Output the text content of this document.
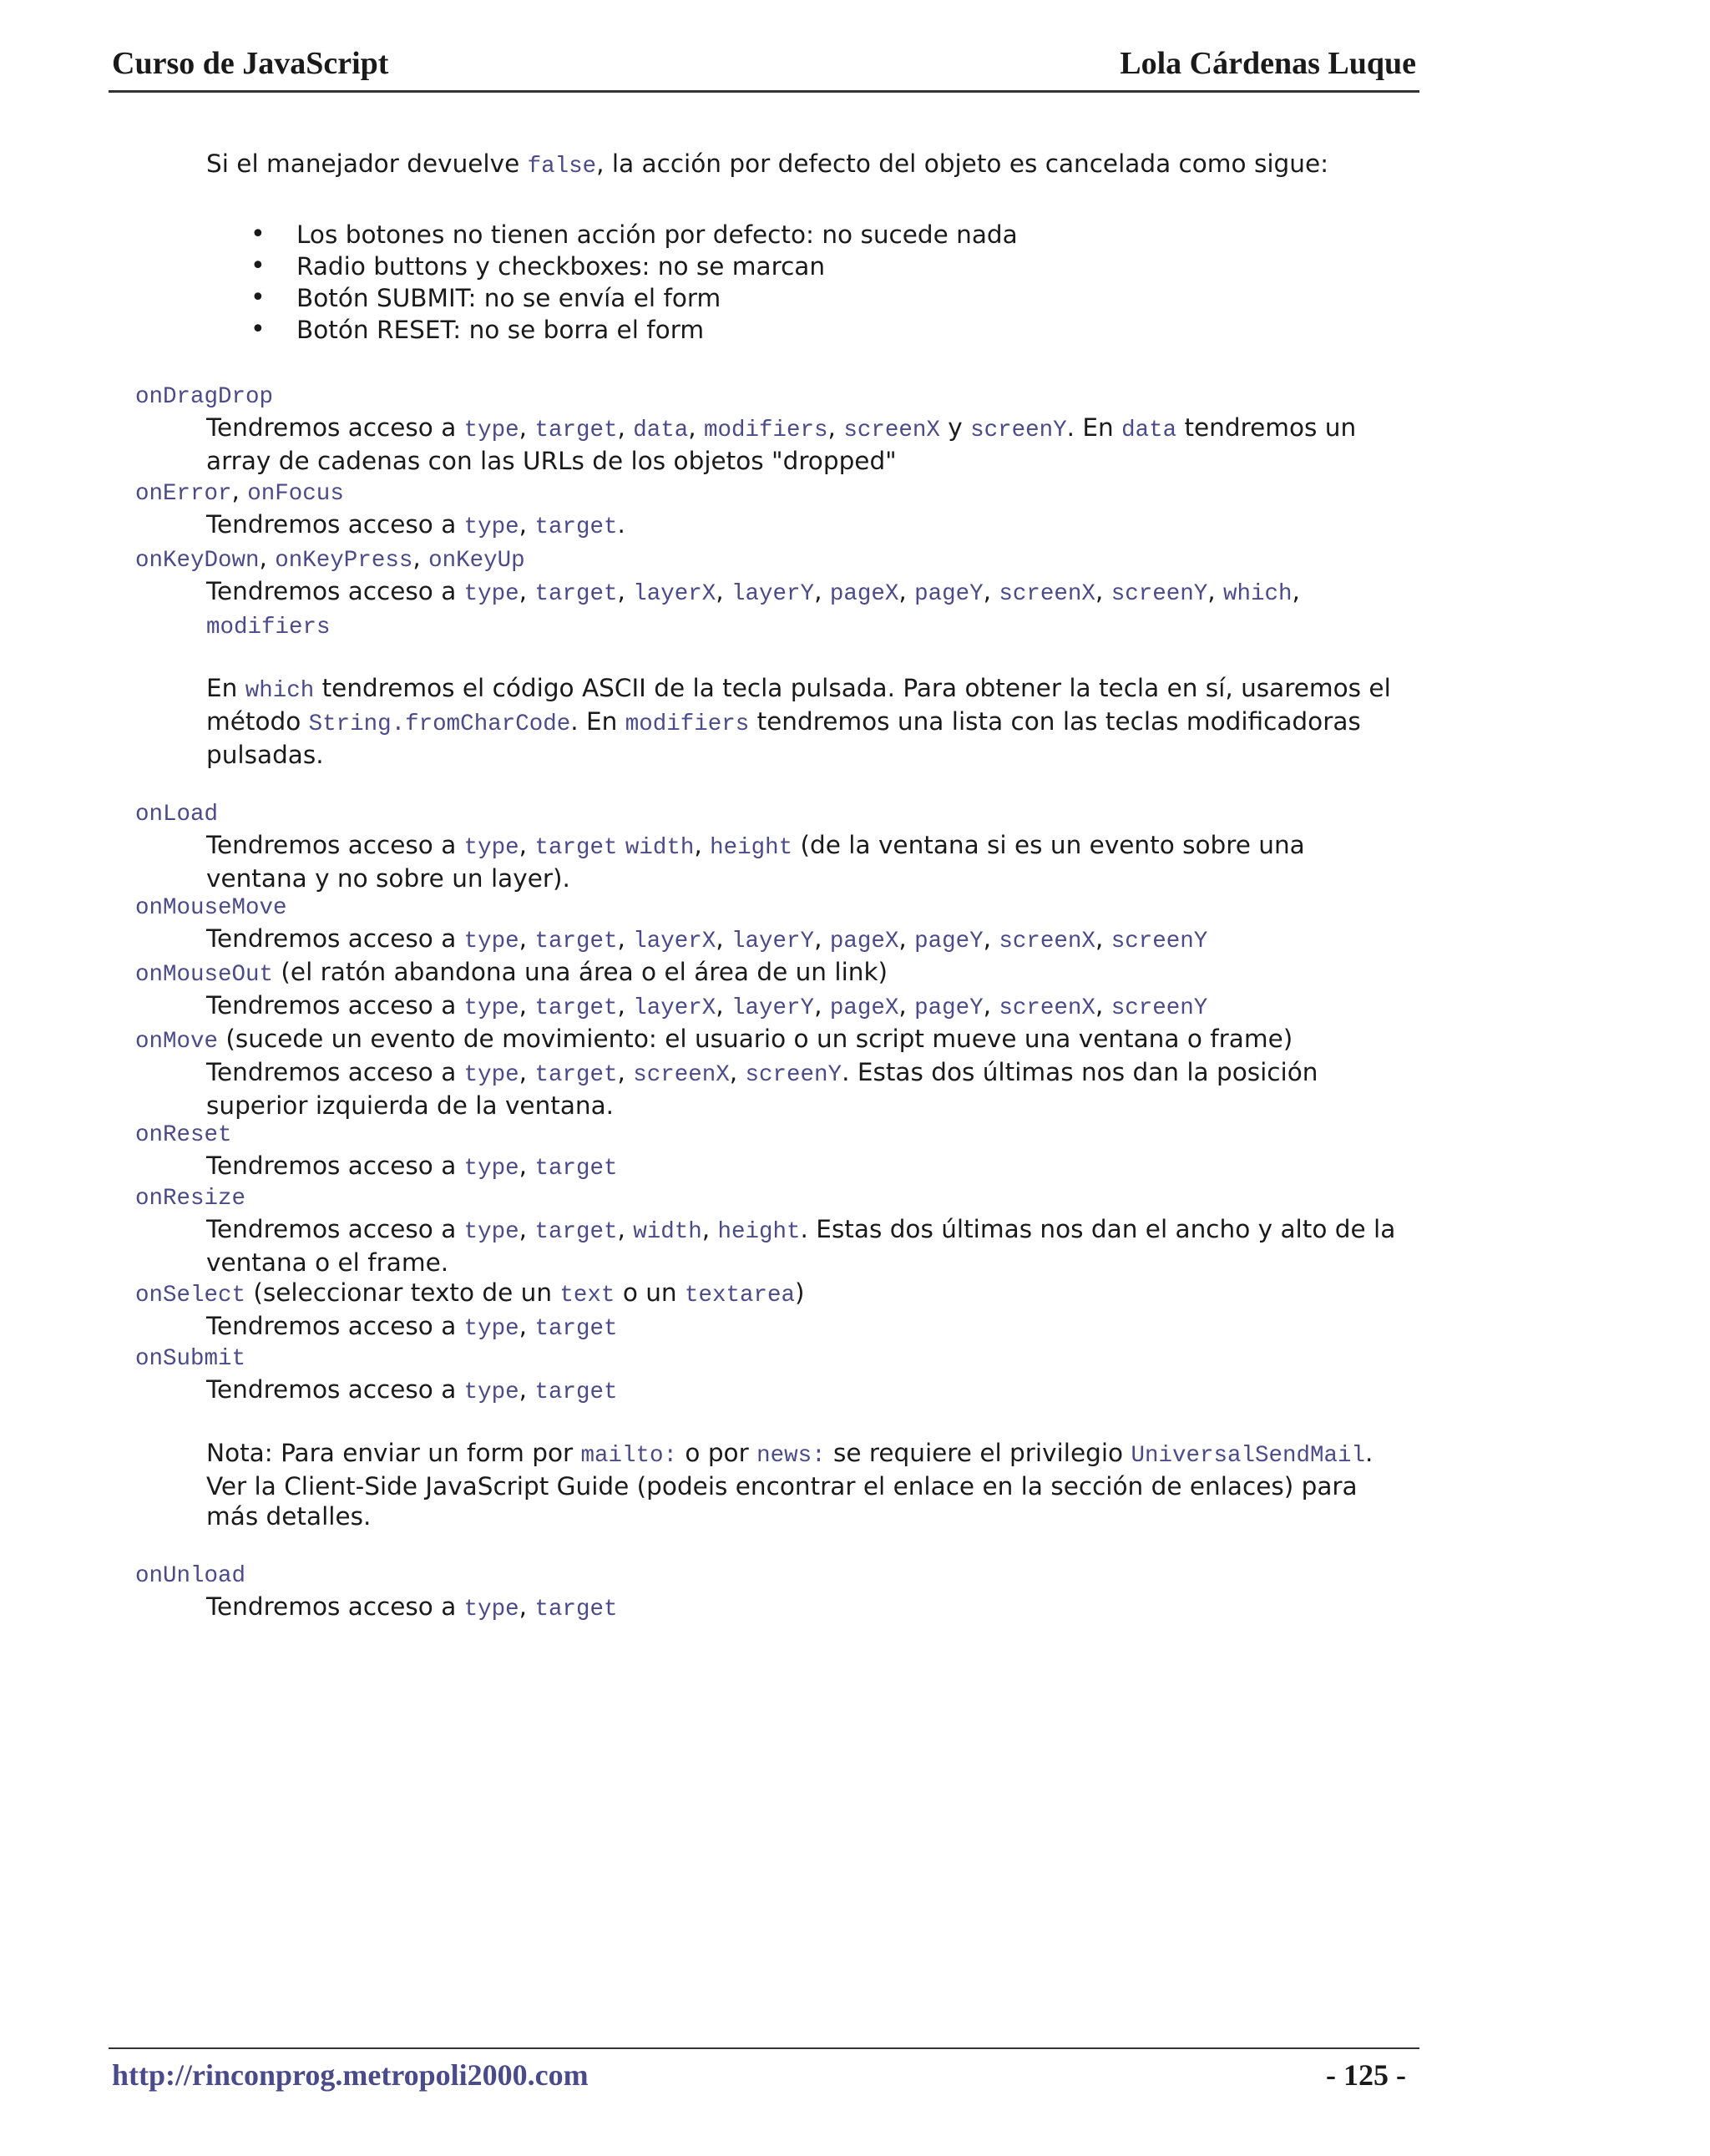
Curso de JavaScript	Lola Cárdenas Luque
Si el manejador devuelve false, la acción por defecto del objeto es cancelada como sigue:
• Los botones no tienen acción por defecto: no sucede nada
• Radio buttons y checkboxes: no se marcan
• Botón SUBMIT: no se envía el form
• Botón RESET: no se borra el form
onDragDrop
Tendremos acceso a type, target, data, modifiers, screenX y screenY. En data tendremos un array de cadenas con las URLs de los objetos "dropped"
onError, onFocus
Tendremos acceso a type, target.
onKeyDown, onKeyPress, onKeyUp
Tendremos acceso a type, target, layerX, layerY, pageX, pageY, screenX, screenY, which,
modifiers
En which tendremos el código ASCII de la tecla pulsada. Para obtener la tecla en sí, usaremos el método String.fromCharCode. En modifiers tendremos una lista con las teclas modificadoras pulsadas.
onLoad
Tendremos acceso a type, target width, height (de la ventana si es un evento sobre una ventana y no sobre un layer).
onMouseMove
Tendremos acceso a type, target, layerX, layerY, pageX, pageY, screenX, screenY
onMouseOut (el ratón abandona una área o el área de un link)
Tendremos acceso a type, target, layerX, layerY, pageX, pageY, screenX, screenY
onMove (sucede un evento de movimiento: el usuario o un script mueve una ventana o frame)
Tendremos acceso a type, target, screenX, screenY. Estas dos últimas nos dan la posición superior izquierda de la ventana.
onReset
Tendremos acceso a type, target
onResize
Tendremos acceso a type, target, width, height. Estas dos últimas nos dan el ancho y alto de la ventana o el frame.
onSelect (seleccionar texto de un text o un textarea)
Tendremos acceso a type, target
onSubmit
Tendremos acceso a type, target
Nota: Para enviar un form por mailto: o por news: se requiere el privilegio UniversalSendMail. Ver la Client-Side JavaScript Guide (podeis encontrar el enlace en la sección de enlaces) para más detalles.
onUnload
Tendremos acceso a type, target
http://rinconprog.metropoli2000.com	- 125 -
